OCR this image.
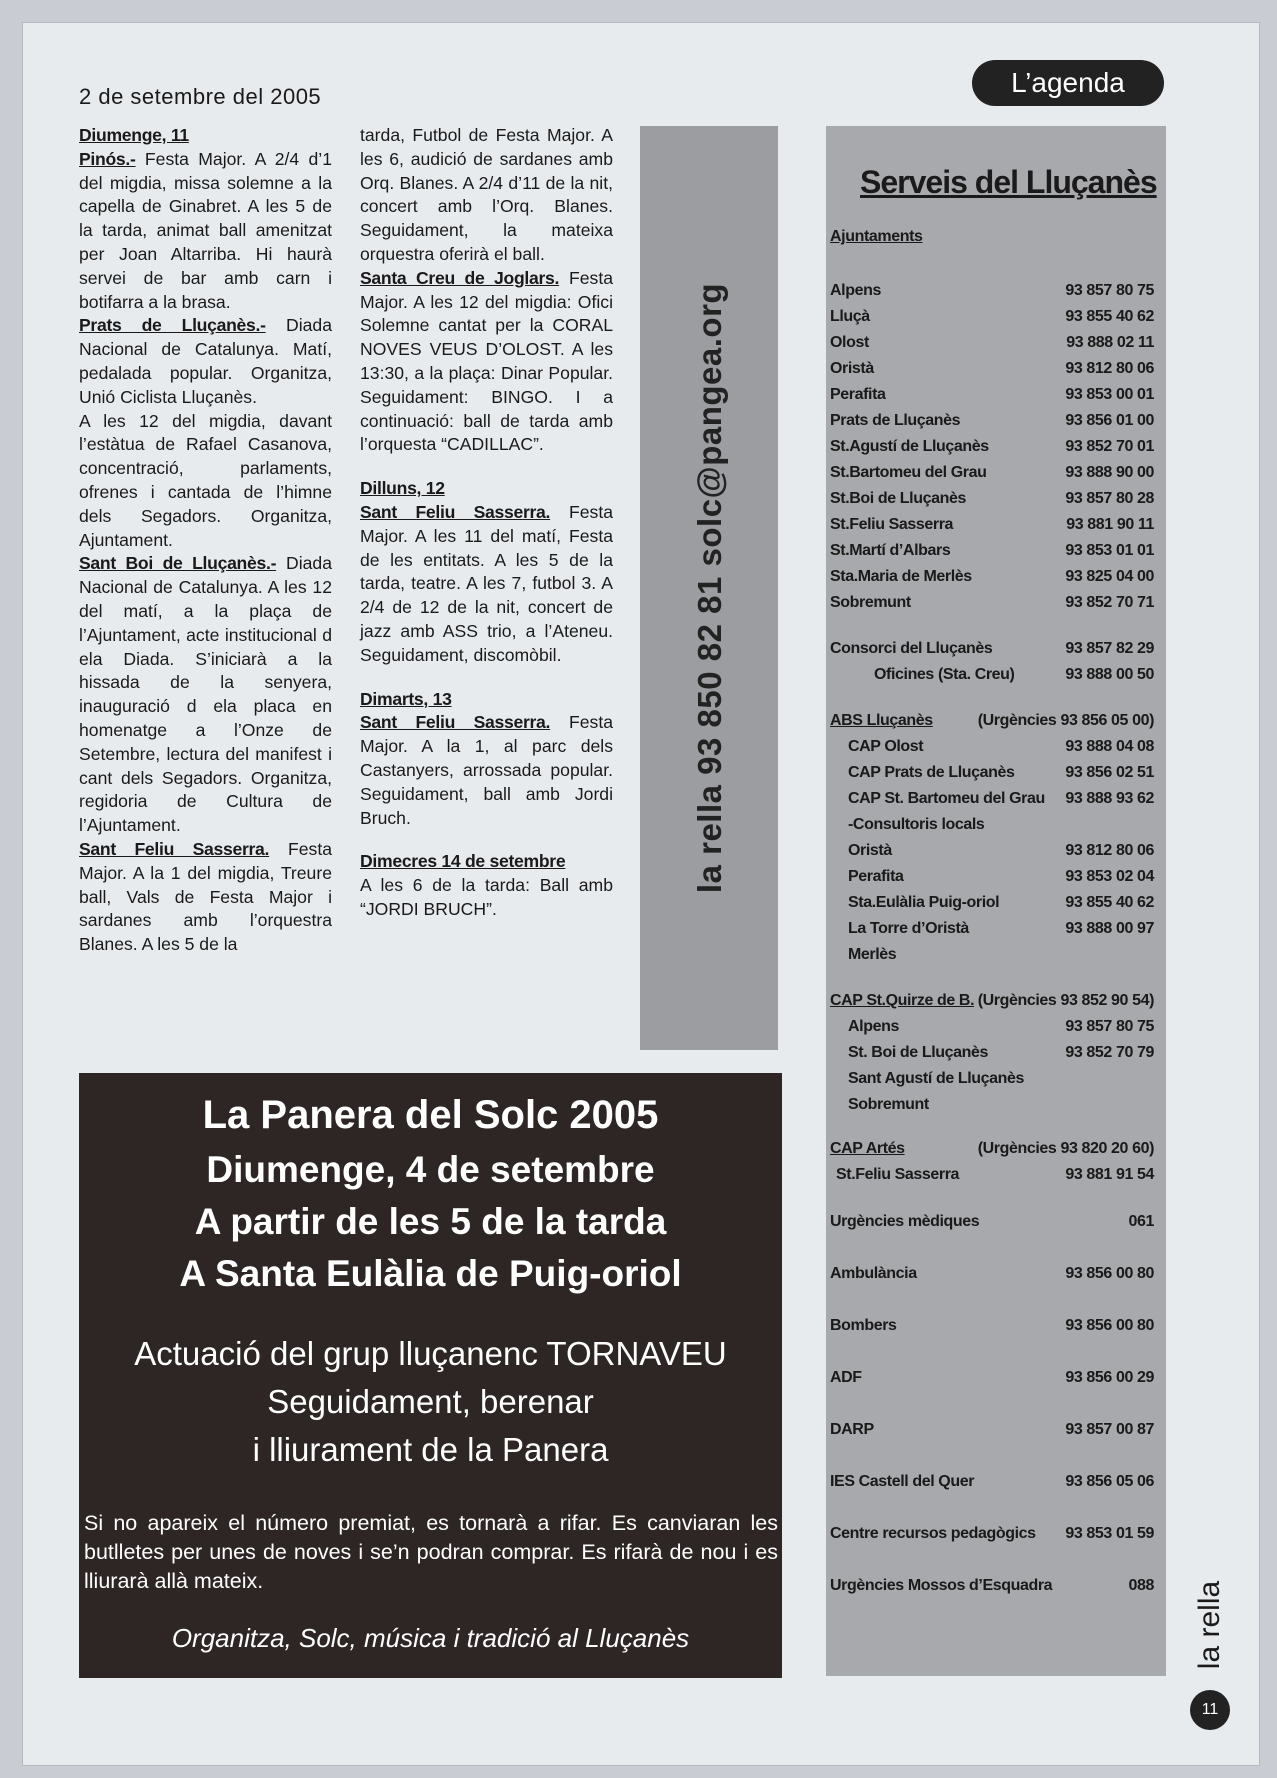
2 de setembre del 2005	L’agenda

Diumenge, 11

Pinós.- Festa Major. A 2/4 d’1 del migdia, missa solemne a la capella de Ginabret. A les 5 de la tarda, animat ball amenitzat per Joan Altarriba. Hi haurà servei de bar amb carn i botifarra a la brasa.

Prats de Lluçanès.- Diada Nacional de Catalunya. Matí, pedalada popular. Organitza, Unió Ciclista Lluçanès.

A les 12 del migdia, davant l’estàtua de Rafael Casanova, concentració, parlaments, ofrenes i cantada de l’himne dels Segadors. Organitza, Ajuntament.

Sant Boi de Lluçanès.- Diada Nacional de Catalunya. A les 12 del matí, a la plaça de l’Ajuntament, acte institucional d ela Diada. S’iniciarà a la hissada de la senyera, inauguració d ela placa en homenatge a l’Onze de Setembre, lectura del manifest i cant dels Segadors. Organitza, regidoria de Cultura de l’Ajuntament.

Sant Feliu Sasserra. Festa Major. A la 1 del migdia, Treure ball, Vals de Festa Major i sardanes amb l’orquestra Blanes. A les 5 de la

tarda, Futbol de Festa Major. A les 6, audició de sardanes amb Orq. Blanes. A 2/4 d’11 de la nit, concert amb l’Orq. Blanes. Seguidament, la mateixa orquestra oferirà el ball.

Santa Creu de Joglars. Festa Major. A les 12 del migdia: Ofici Solemne cantat per la CORAL NOVES VEUS D’OLOST. A les 13:30, a la plaça: Dinar Popular. Seguidament: BINGO. I a continuació: ball de tarda amb l’orquesta “CADILLAC”.

Dilluns, 12

Sant Feliu Sasserra. Festa Major. A les 11 del matí, Festa de les entitats. A les 5 de la tarda, teatre. A les 7, futbol 3. A 2/4 de 12 de la nit, concert de jazz amb ASS trio, a l’Ateneu. Seguidament, discomòbil.

Dimarts, 13

Sant Feliu Sasserra. Festa Major. A la 1, al parc dels Castanyers, arrossada popular. Seguidament, ball amb Jordi Bruch.

Dimecres 14 de setembre

A les 6 de la tarda: Ball amb “JORDI BRUCH”.

la rella 93 850 82 81 solc@pangea.org
La Panera del Solc 2005
Diumenge, 4 de setembre
A partir de les 5 de la tarda
A Santa Eulàlia de Puig-oriol
Actuació del grup lluçanenc TORNAVEU
Seguidament, berenar
i lliurament de la Panera
Si no apareix el número premiat, es tornarà a rifar. Es canviaran les butlletes per unes de noves i se’n podran comprar. Es rifarà de nou i es lliurarà allà mateix.
Organitza, Solc, música i tradició al Lluçanès
Serveis del Lluçanès
Ajuntaments
Alpens	93 857 80 75
Lluçà	93 855 40 62
Olost	93 888 02 11
Oristà	93 812 80 06
Perafita	93 853 00 01
Prats de Lluçanès	93 856 01 00
St.Agustí de Lluçanès	93 852 70 01
St.Bartomeu del Grau	93 888 90 00
St.Boi de Lluçanès	93 857 80 28
St.Feliu Sasserra	93 881 90 11
St.Martí d’Albars	93 853 01 01
Sta.Maria de Merlès	93 825 04 00
Sobremunt	93 852 70 71
Consorci del Lluçanès	93 857 82 29
Oficines (Sta. Creu)	93 888 00 50
ABS Lluçanès	(Urgències 93 856 05 00)
CAP Olost	93 888 04 08
CAP Prats de Lluçanès	93 856 02 51
CAP St. Bartomeu del Grau 93 888 93 62
-Consultoris locals
Oristà	93 812 80 06
Perafita	93 853 02 04
Sta.Eulàlia Puig-oriol	93 855 40 62
La Torre d’Oristà	93 888 00 97
Merlès
CAP St.Quirze de B. (Urgències 93 852 90 54)
Alpens	93 857 80 75
St. Boi de Lluçanès	93 852 70 79
Sant Agustí de Lluçanès
Sobremunt
CAP Artés	(Urgències 93 820 20 60)
St.Feliu Sasserra	93 881 91 54
Urgències mèdiques	061
Ambulància	93 856 00 80
Bombers	93 856 00 80
ADF	93 856 00 29
DARP	93 857 00 87
IES Castell del Quer	93 856 05 06
Centre recursos pedagògics 93 853 01 59
Urgències Mossos d’Esquadra	088 la rella
11
